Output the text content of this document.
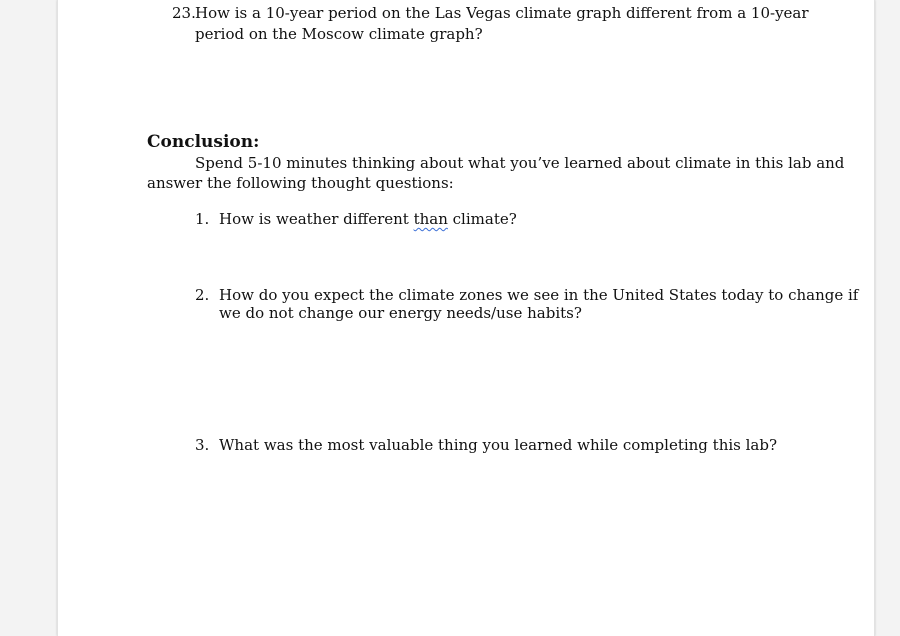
23. How is a 10-year period on the Las Vegas climate graph different from a 10-year
period on the Moscow climate graph?
Conclusion:
Spend 5-10 minutes thinking about what you’ve learned about climate in this lab and
answer the following thought questions:
1. How is weather different than climate?
2. How do you expect the climate zones we see in the United States today to change if
we do not change our energy needs/use habits?
3. What was the most valuable thing you learned while completing this lab?
